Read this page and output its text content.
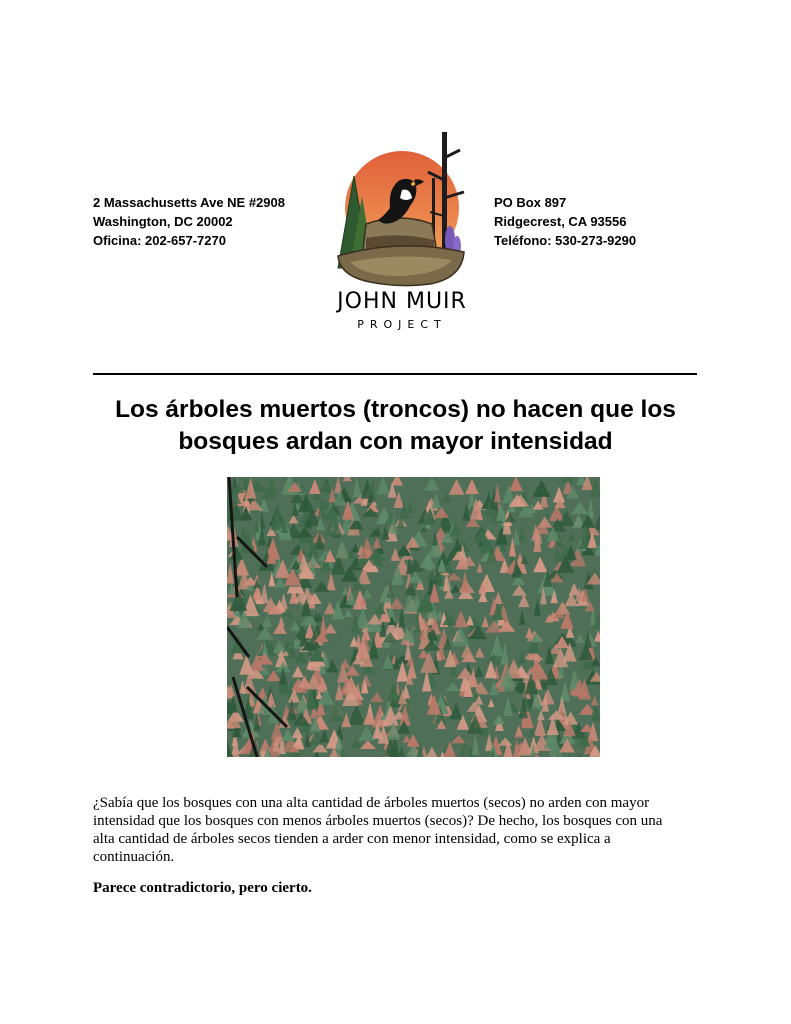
2 Massachusetts Ave NE #2908
Washington, DC 20002
Oficina: 202-657-7270
JOHN MUIR
PROJECT
PO Box 897
Ridgecrest, CA 93556
Teléfono: 530-273-9290
Los árboles muertos (troncos) no hacen que los
bosques ardan con mayor intensidad
¿Sabía que los bosques con una alta cantidad de árboles muertos (secos) no arden con mayor
intensidad que los bosques con menos árboles muertos (secos)? De hecho, los bosques con una
alta cantidad de árboles secos tienden a arder con menor intensidad, como se explica a
continuación.
Parece contradictorio, pero cierto.
